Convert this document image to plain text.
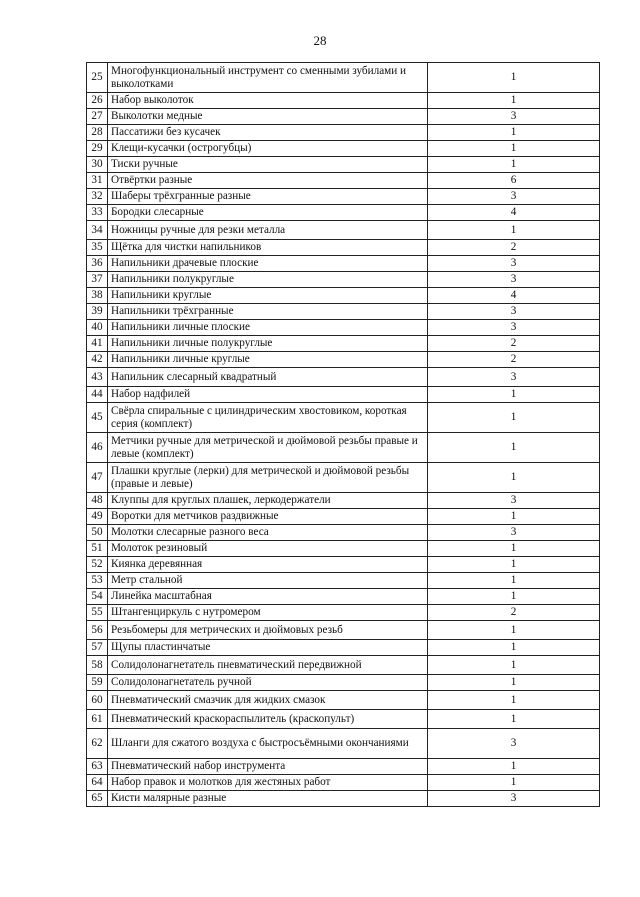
28
25	Многофункциональный инструмент со сменными зубилами и выколотками	1
26	Набор выколоток	1
27	Выколотки медные	3
28	Пассатижи без кусачек	1
29	Клещи-кусачки (острогубцы)	1
30	Тиски ручные	1
31	Отвёртки разные	6
32	Шаберы трёхгранные разные	3
33	Бородки слесарные	4
34	Ножницы ручные для резки металла	1
35	Щётка для чистки напильников	2
36	Напильники драчевые плоские	3
37	Напильники полукруглые	3
38	Напильники круглые	4
39	Напильники трёхгранные	3
40	Напильники личные плоские	3
41	Напильники личные полукруглые	2
42	Напильники личные круглые	2
43	Напильник слесарный квадратный	3
44	Набор надфилей	1
45	Свёрла спиральные с цилиндрическим хвостовиком, короткая серия (комплект)	1
46	Метчики ручные для метрической и дюймовой резьбы правые и левые (комплект)	1
47	Плашки круглые (лерки) для метрической и дюймовой резьбы (правые и левые)	1
48	Клуппы для круглых плашек, леркодержатели	3
49	Воротки для метчиков раздвижные	1
50	Молотки слесарные разного веса	3
51	Молоток резиновый	1
52	Киянка деревянная	1
53	Метр стальной	1
54	Линейка масштабная	1
55	Штангенциркуль с нутромером	2
56	Резьбомеры для метрических и дюймовых резьб	1
57	Щупы пластинчатые	1
58	Солидолонагнетатель пневматический передвижной	1
59	Солидолонагнетатель ручной	1
60	Пневматический смазчик для жидких смазок	1
61	Пневматический краскораспылитель (краскопульт)	1
62	Шланги для сжатого воздуха с быстросъёмными окончаниями	3
63	Пневматический набор инструмента	1
64	Набор правок и молотков для жестяных работ	1
65	Кисти малярные разные	3
